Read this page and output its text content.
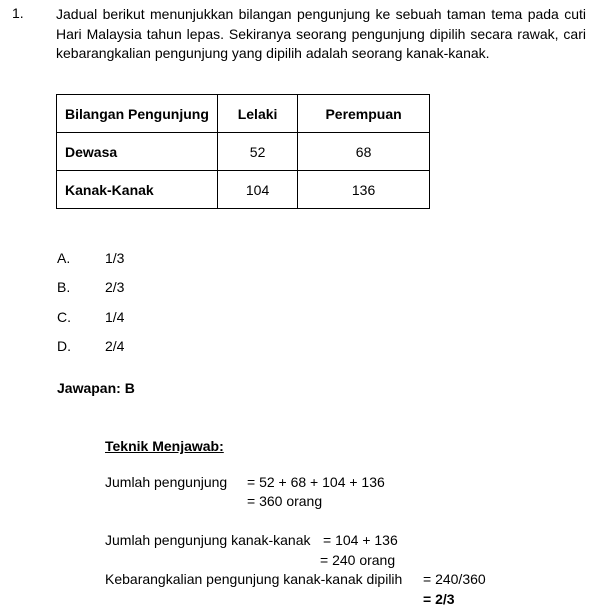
1. Jadual berikut menunjukkan bilangan pengunjung ke sebuah taman tema pada cuti Hari Malaysia tahun lepas. Sekiranya seorang pengunjung dipilih secara rawak, cari kebarangkalian pengunjung yang dipilih adalah seorang kanak-kanak.
Bilangan Pengunjung	Lelaki	Perempuan
Dewasa	52	68
Kanak-Kanak	104	136
A. 1/3
B. 2/3
C. 1/4
D. 2/4
Jawapan: B
Teknik Menjawab:
Jumlah pengunjung = 52 + 68 + 104 + 136
= 360 orang
Jumlah pengunjung kanak-kanak = 104 + 136
= 240 orang
Kebarangkalian pengunjung kanak-kanak dipilih = 240/360
= 2/3
